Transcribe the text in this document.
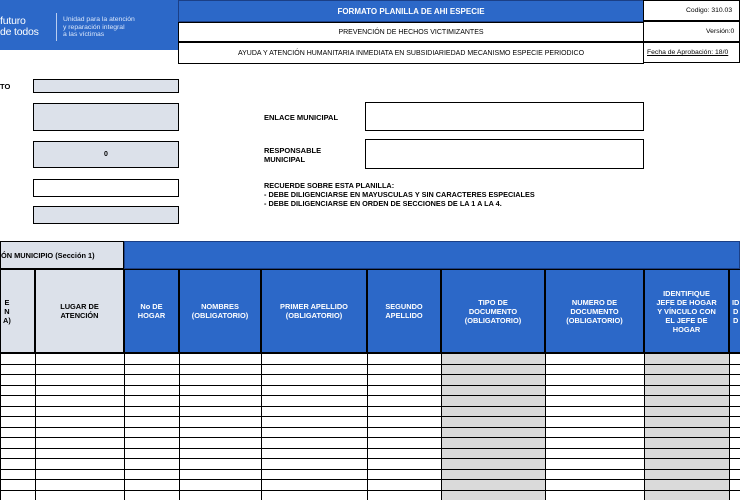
futuro
de todos
Unidad para la atención
y reparación integral
a las víctimas
FORMATO PLANILLA DE AHI ESPECIE
PREVENCIÓN DE HECHOS VICTIMIZANTES
AYUDA Y ATENCIÓN HUMANITARIA INMEDIATA EN SUBSIDIARIEDAD MECANISMO ESPECIE PERIODICO
Codigo: 310.03
Versión:0
Fecha de Aprobación: 18/0
TO
0
ENLACE MUNICIPAL
RESPONSABLE
MUNICIPAL
RECUERDE SOBRE ESTA PLANILLA:
- DEBE DILIGENCIARSE EN MAYUSCULAS Y SIN CARACTERES ESPECIALES
- DEBE DILIGENCIARSE EN ORDEN DE SECCIONES DE LA 1 A LA 4.
ÓN MUNICIPIO (Sección 1)
E
N
A)
LUGAR DE
ATENCIÓN
No DE
HOGAR
NOMBRES
(OBLIGATORIO)
PRIMER APELLIDO
(OBLIGATORIO)
SEGUNDO
APELLIDO
TIPO DE
DOCUMENTO
(OBLIGATORIO)
NUMERO DE
DOCUMENTO
(OBLIGATORIO)
IDENTIFIQUE
JEFE DE HOGAR
Y VÍNCULO CON
EL JEFE DE
HOGAR
ID
D
D
